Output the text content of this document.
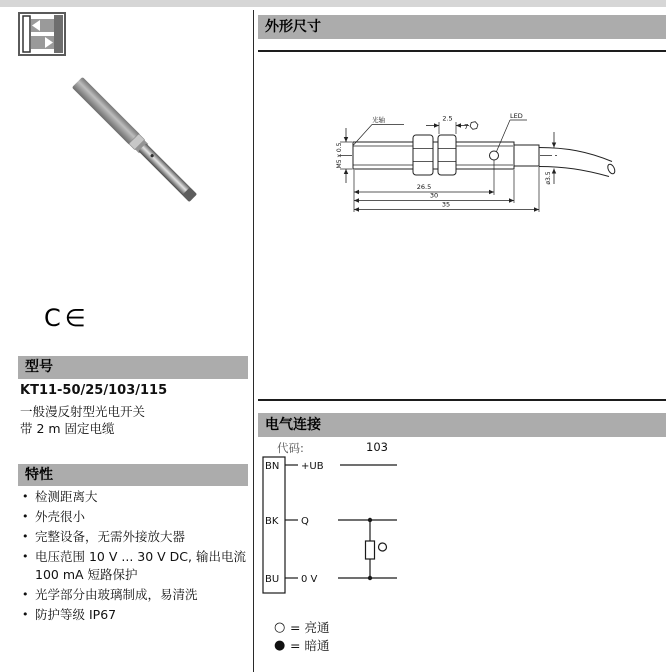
C∈
型号
KT11-50/25/103/115
一般漫反射型光电开关
带 2 m 固定电缆
特性
• 检测距离大
• 外壳很小
• 完整设备，无需外接放大器
• 电压范围 10 V ... 30 V DC, 输出电流 100 mA 短路保护
• 光学部分由玻璃制成，易清洗
• 防护等级 IP67
外形尺寸
光轴	2.5
7
LED
M5 x 0.5
ø3.5
26.5
30
35
电气连接
代码:	103
BN +UB
BK Q
BU 0 V
○ = 亮通
● = 暗通
